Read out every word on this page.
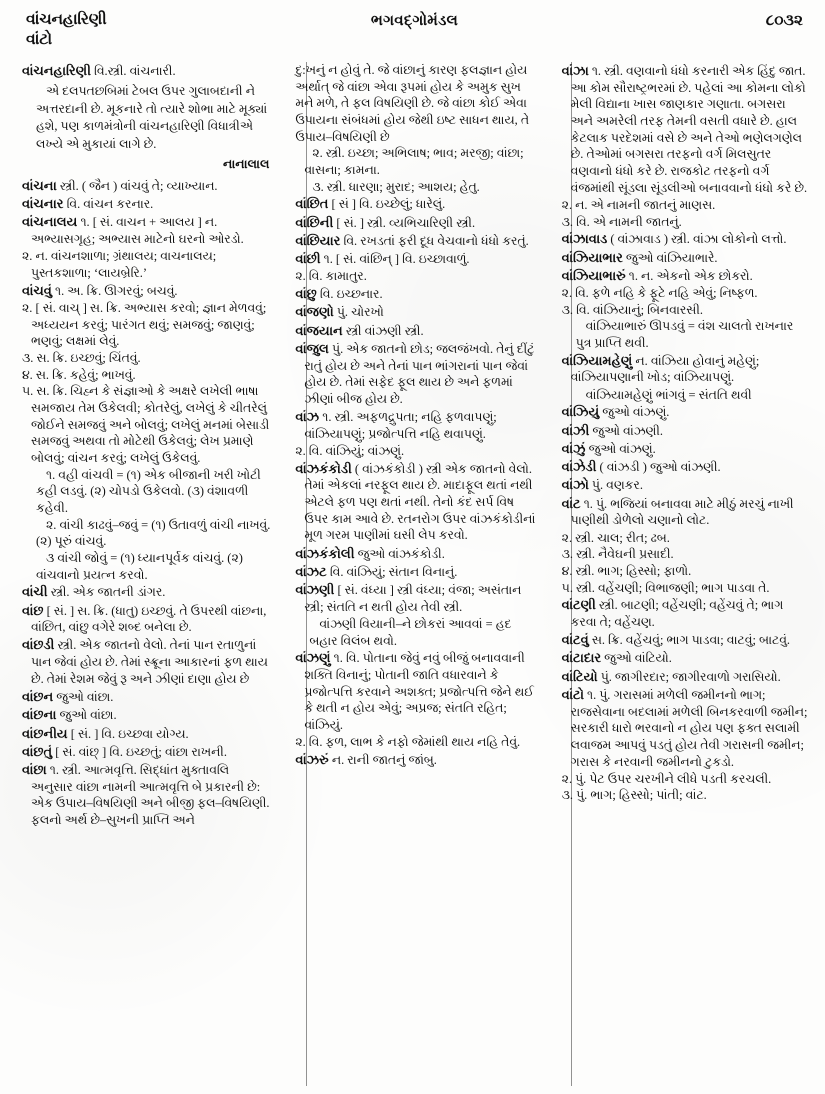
વાંચનહારિણી
વાંટો
ભગવદ્ગોમંડલ	૮૦૩૨
વાંચનહારિણી વિ.સ્ત્રી. વાંચનારી.
એ દલપતછબિમાં ટેબલ ઉપર ગુલાબદાની ને અત્તરદાની છે. મૂકનારે તો ત્યારે શોભા માટે મૂક્યાં હશે, પણ કાળમંત્રોની વાંચનહારિણી વિધાત્રીએ લખ્યે એ મુકાયાં લાગે છે.
નાનાલાલ
વાંચના સ્ત્રી. ( જૈન ) વાંચવું તે; વ્યાખ્યાન.
વાંચનાર વિ. વાંચન કરનાર.
વાંચનાલય ૧. [ સં. વાચન + આલય ] ન. અભ્યાસગૃહ; અભ્યાસ માટેનો ઘરનો ઓરડો.
૨. ન. વાંચનશાળા; ગ્રંથાલય; વાચનાલય; પુસ્તકશાળા; ‘લાયબ્રેરિ.’
વાંચવું ૧. અ. ક્રિ. ઊગરવું; બચવું.
૨. [ સં. વાચ્ ] સ. ક્રિ. અભ્યાસ કરવો; જ્ઞાન મેળવવું; અધ્યયન કરવું; પારંગત થવું; સમજવું; જાણવું; ભણવું; લક્ષમાં લેવું.
૩. સ. ક્રિ. ઇચ્છવું; ચિંતવું.
૪. સ. ક્રિ. કહેવું; ભાખવું.
૫. સ. ક્રિ. ચિહ્ન કે સંજ્ઞાઓ કે અક્ષરે લખેલી ભાષા સમજાય તેમ ઉકેલવી; કોતરેલું, લખેલું કે ચીતરેલું જોઈને સમજવું અને બોલવું; લખેલું મનમાં બેસાડી સમજવું અથવા તો મોટેથી ઉકેલવું; લેખ પ્રમાણે બોલવું; વાંચન કરવું; લખેલું ઉકેલવું.
૧. વહી વાંચવી = (૧) એક બીજાની ખરી ખોટી કહી લડવું. (૨) ચોપડો ઉકેલવો. (૩) વંશાવળી કહેવી.
૨. વાંચી કાઢવું–જવું = (૧) ઉતાવળું વાંચી નાખવું. (૨) પૂરું વાંચવું.
૩ વાંચી જોવું = (૧) ધ્યાનપૂર્વક વાંચવું. (૨) વાંચવાનો પ્રયત્ન કરવો.
વાંચી સ્ત્રી. એક જાતની ડાંગર.
વાંછ [ સં. ] સ. ક્રિ. (ધાતુ) ઇચ્છવું. તે ઉપરથી વાંછના, વાંછિત, વાંછુ વગેરે શબ્દ બનેલા છે.
વાંછડી સ્ત્રી. એક જાતનો વેલો. તેનાં પાન રતાળુનાં પાન જેવાં હોય છે. તેમાં સ્ક્રૂના આકારનાં ફળ થાય છે. તેમાં રેશમ જેવું રૂ અને ઝીણાં દાણા હોય છે
વાંછન જુઓ વાંછા.
વાંછના જુઓ વાંછા.
વાંછનીય [ સં. ] વિ. ઇચ્છવા યોગ્ય.
વાંછતું [ સં. વાંછ્ ] વિ. ઇચ્છતું; વાંછા રાખની.
વાંછા ૧. સ્ત્રી. આત્મવૃત્તિ. સિદ્ધાંત મુક્તાવલિ અનુસાર વાંછા નામની આત્મવૃત્તિ બે પ્રકારની છે: એક ઉપાય–વિષયિણી અને બીજી ફલ–વિષયિણી. ફલનો અર્થ છે–સુખની પ્રાપ્તિ અને
દુ:ખનું ન હોવું તે. જે વાંછાનું કારણ ફલજ્ઞાન હોય અર્થાત્ જે વાંછા એવા રૂપમાં હોય કે અમુક સુખ મને મળે, તે ફલ વિષયિણી છે. જે વાંછા કોઈ એવા ઉપાયના સંબંધમાં હોય જેથી ઇષ્ટ સાધન થાય, તે ઉપાય–વિષયિણી છે
૨. સ્ત્રી. ઇચ્છા; અભિલાષ; ભાવ; મરજી; વાંછા; વાસના; કામના.
૩. સ્ત્રી. ધારણા; મુરાદ; આશય; હેતુ.
વાંછિત [ સં ] વિ. ઇચ્છેલું; ધારેલું.
વાંછિની [ સં. ] સ્ત્રી. વ્યભિચારિણી સ્ત્રી.
વાંછિયાર વિ. રખડતાં ફરી દૂધ વેચવાનો ધંધો કરતું.
વાંછી ૧. [ સં. વાંછિન્ ] વિ. ઇચ્છાવાળું.
૨. વિ. કામાતુર.
વાંછુ વિ. ઇચ્છનાર.
વાંજણો પું. ચોરખો
વાંજયાન સ્ત્રી વાંઝણી સ્ત્રી.
વાંજુલ પું. એક જાતનો છોડ; જલજંખવો. તેનું દીંટું રાતું હોય છે અને તેનાં પાન ભાંગરાનાં પાન જેવાં હોય છે. તેમાં સફેદ ફૂલ થાય છે અને ફળમાં ઝીણાં બીજ હોય છે.
વાંઝ ૧. સ્ત્રી. અફળદ્રુપતા; નહિ ફળવાપણું; વાંઝિયાપણું; પ્રજોત્પત્તિ નહિ થવાપણું.
૨. વિ. વાંઝિયું; વાંઝણું.
વાંઝકંકોડી ( વાંઝકંકોડી ) સ્ત્રી એક જાતનો વેલો. તેમાં એકલાં નરફૂલ થાય છે. માદાફૂલ થતાં નથી એટલે ફળ પણ થતાં નથી. તેનો કંદ સર્પ વિષ ઉપર કામ આવે છે. રતનરોગ ઉપર વાંઝકંકોડીનાં મૂળ ગરમ પાણીમાં ઘસી લેપ કરવો.
વાંઝકંકોલી જુઓ વાંઝકંકોડી.
વાંઝટ વિ. વાંઝિયું; સંતાન વિનાનું.
વાંઝણી [ સં. વંધ્યા ] સ્ત્રી વંધ્યા; વંજા; અસંતાન સ્ત્રી; સંતતિ ન થતી હોય તેવી સ્ત્રી.
વાંઝણી વિયાની–ને છોકરાં આવવાં = હદ બહાર વિલંબ થવો.
વાંઝણું ૧. વિ. પોતાના જેવું નવું બીજું બનાવવાની શક્તિ વિનાનું; પોતાની જાતિ વધારવાને કે પ્રજોત્પત્તિ કરવાને અશક્ત; પ્રજોત્પત્તિ જેને થઈ કે થતી ન હોય એવું; અપ્રજ; સંતતિ રહિત; વાંઝિયું.
૨. વિ. ફળ, લાભ કે નફો જેમાંથી થાય નહિ તેવું.
વાંઝરું ન. રાની જાતનું જાંબુ.
વાંઝા ૧. સ્ત્રી. વણવાનો ધંધો કરનારી એક હિંદુ જાત. આ કોમ સૌરાષ્ટ્રભરમાં છે. પહેલાં આ કોમના લોકો મેલી વિદ્યાના ખાસ જાણકાર ગણાતા. બગસરા અને અમરેલી તરફ તેમની વસતી વધારે છે. હાલ કેટલાક પરદેશમાં વસે છે અને તેઓ ભણેલગણેલ છે. તેઓમાં બગસરા તરફનો વર્ગ મિલસુતર વણવાનો ધંધો કરે છે. રાજકોટ તરફનો વર્ગ વંજમાંથી સૂંડલા સૂંડલીઓ બનાવવાનો ધંધો કરે છે.
૨. ન. એ નામની જાતનું માણસ.
૩. વિ. એ નામની જાતનું.
વાંઝાવાડ ( વાંઝાવાડ ) સ્ત્રી. વાંઝા લોકોનો લત્તો.
વાંઝિયાભાર જુઓ વાંઝિયાભારે.
વાંઝિયાભારું ૧. ન. એકનો એક છોકરો.
૨. વિ. ફળે નહિ કે ફૂટે નહિ એવું; નિષ્ફળ.
૩. વિ. વાંઝિયાનું; બિનવારસી.
વાંઝિયાભારું ઊપડવું = વંશ ચાલતો રાખનાર પુત્ર પ્રાપ્તિ થવી.
વાંઝિયામહેણું ન. વાંઝિયા હોવાનું મહેણું; વાંઝિયાપણાની ખોડ; વાંઝિયાપણું.
વાંઝિયામહેણું ભાંગવું = સંતતિ થવી
વાંઝિયું જુઓ વાંઝણું.
વાંઝી જુઓ વાંઝણી.
વાંઝું જુઓ વાંઝણું.
વાંઝેડી ( વાંઝડી ) જુઓ વાંઝણી.
વાંઝો પું. વણકર.
વાંટ ૧. પું. ભજિયાં બનાવવા માટે મીઠું મરચું નાખી પાણીથી ડોળેલો ચણાનો લોટ.
૨. સ્ત્રી. ચાલ; રીત; ઢબ.
૩. સ્ત્રી. નૈવેઘની પ્રસાદી.
૪. સ્ત્રી. ભાગ; હિસ્સો; ફાળો.
૫. સ્ત્રી. વહેંચણી; વિભાજણી; ભાગ પાડવા તે.
વાંટણી સ્ત્રી. બાટણી; વહેંચણી; વહેંચવું તે; ભાગ કરવા તે; વહેંચણ.
વાંટવું સ. ક્રિ. વહેંચવું; ભાગ પાડવા; વાટવું; બાટવું.
વાંટાદાર જુઓ વાંટિયો.
વાંટિયો પું. જાગીરદાર; જાગીરવાળો ગરાસિયો.
વાંટો ૧. પું. ગરાસમાં મળેલી જમીનનો ભાગ; રાજસેવાના બદલામાં મળેલી બિનકરવાળી જમીન; સરકારી ધારો ભરવાનો ન હોય પણ ફક્ત સલામી લવાજમ આપવું પડતું હોય તેવી ગરાસની જમીન; ગરાસ કે નરવાની જમીનનો ટુકડો.
૨. પું. પેટ ઉપર ચરખીને લીધે પડતી કરચલી.
૩. પું. ભાગ; હિસ્સો; પાંતી; વાંટ.
